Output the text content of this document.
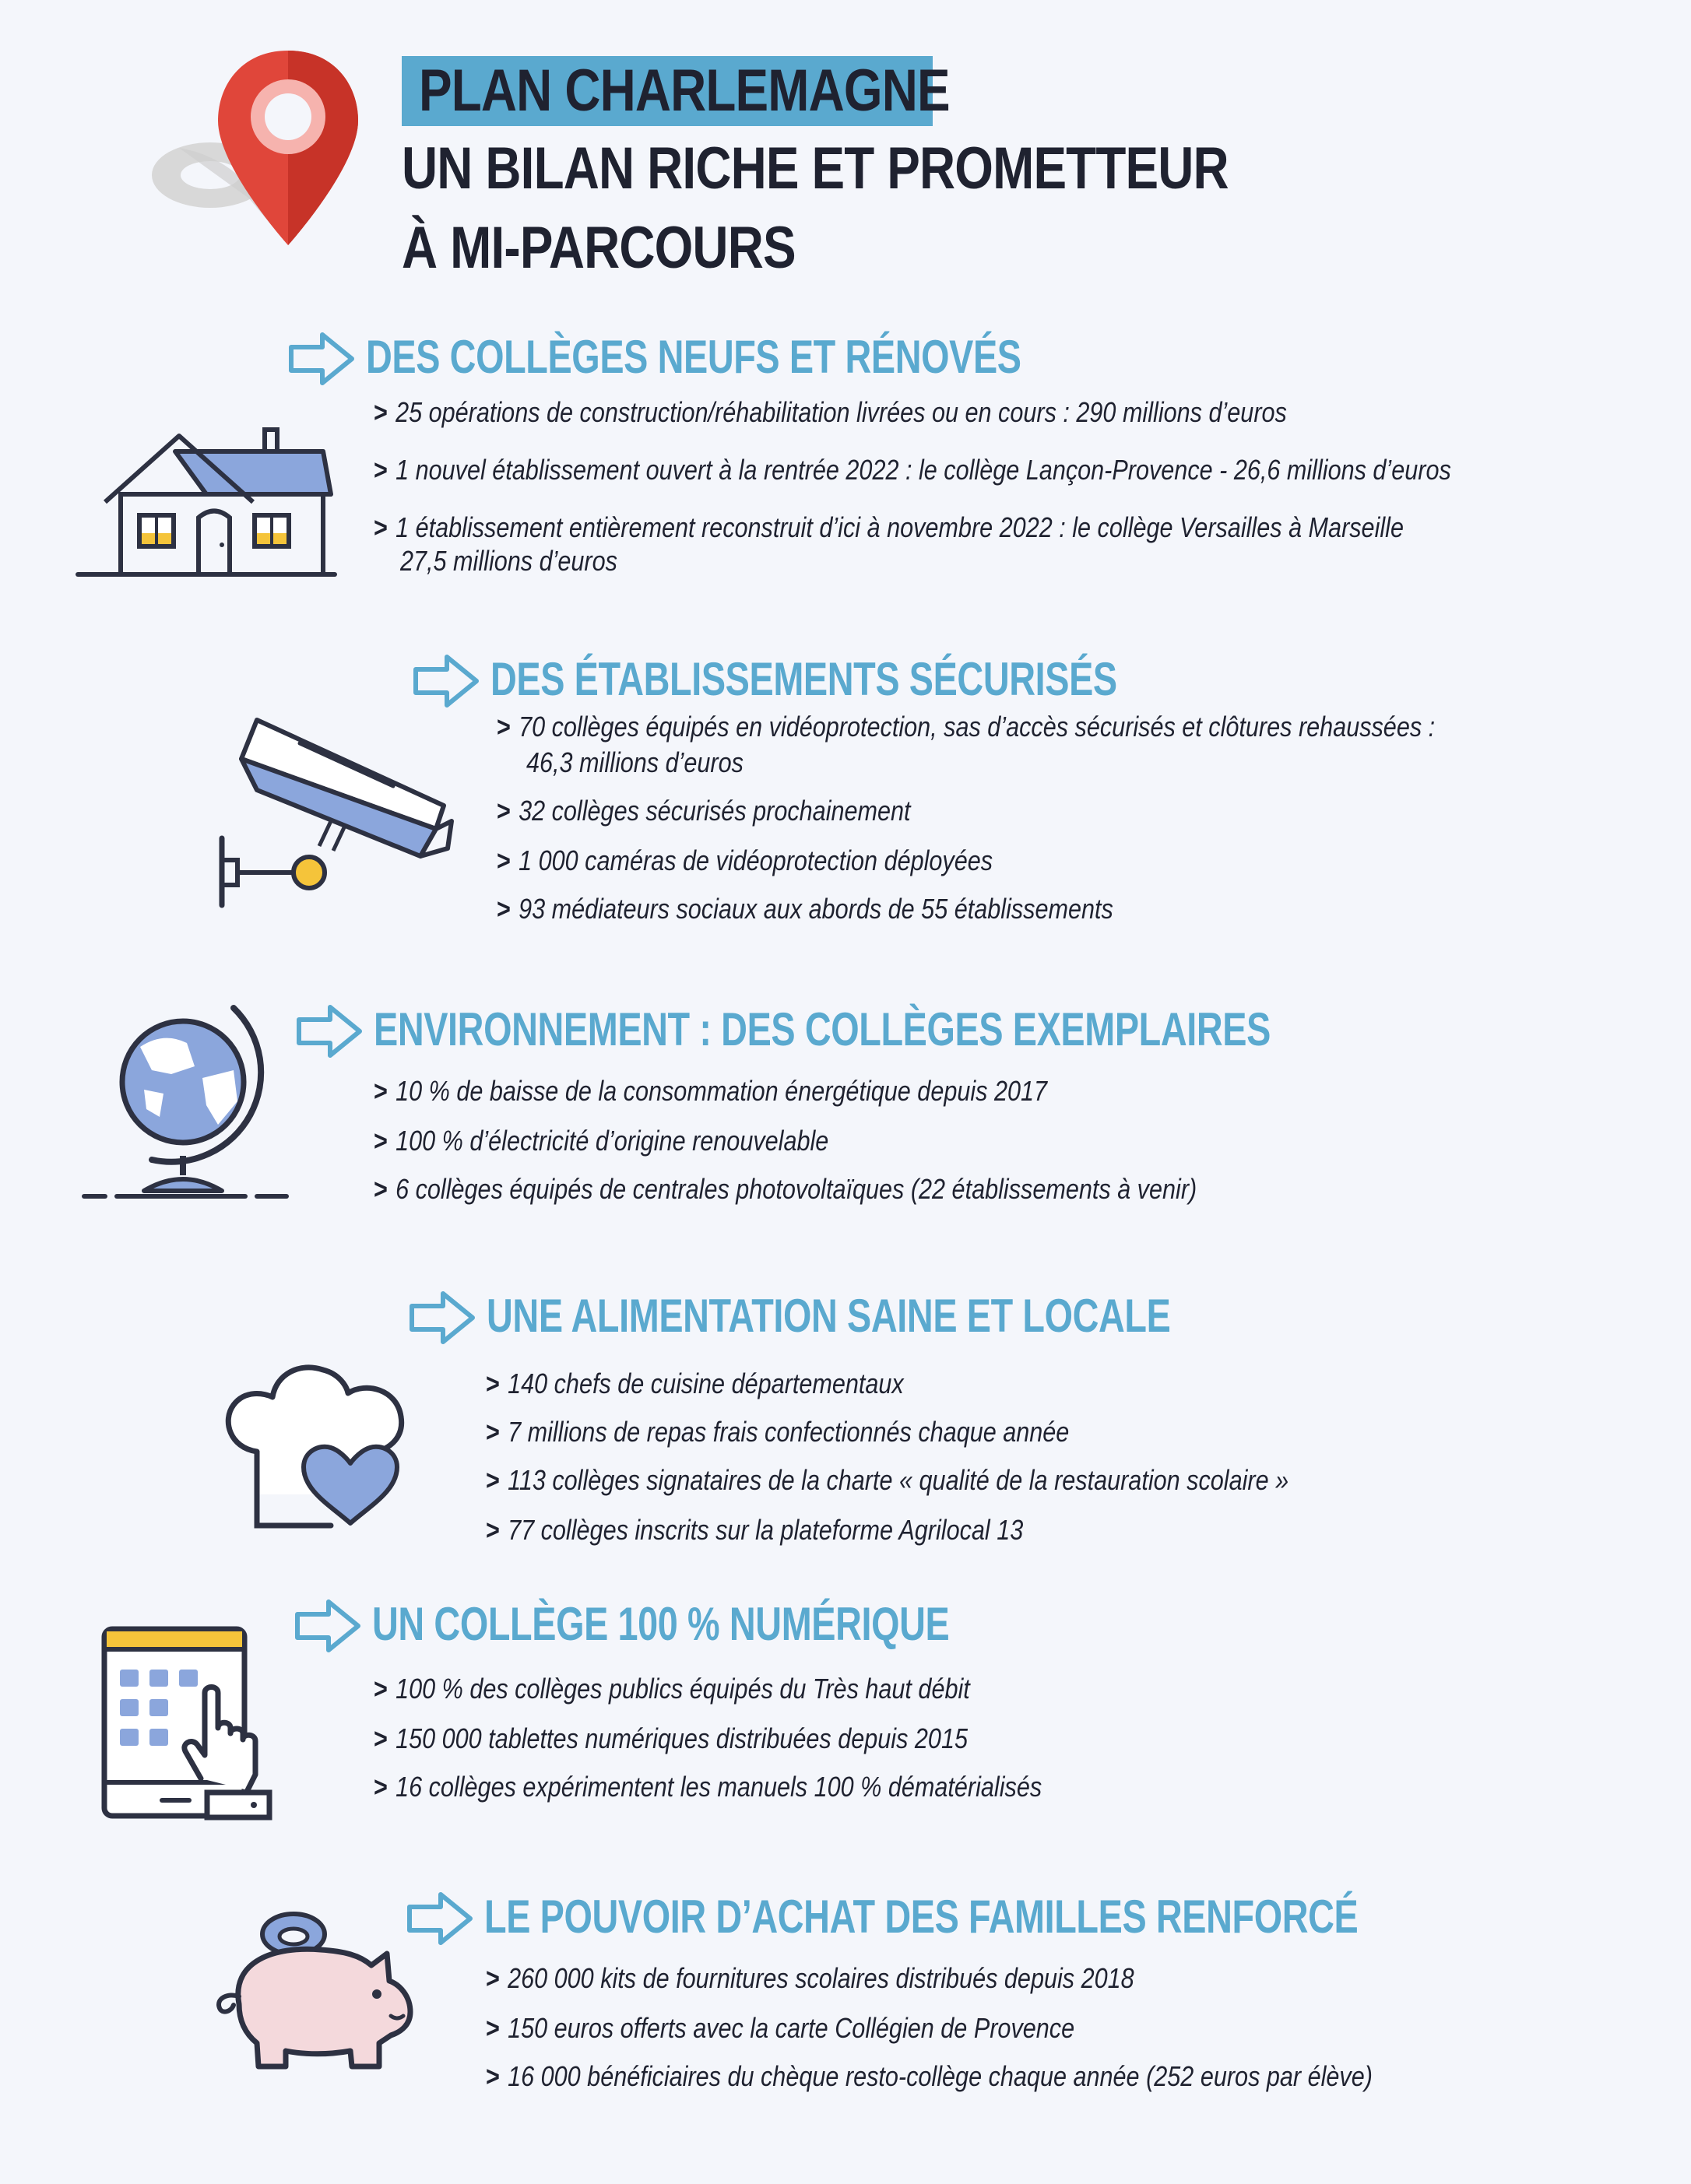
PLAN CHARLEMAGNE
UN BILAN RICHE ET PROMETTEUR
À MI-PARCOURS
DES COLLÈGES NEUFS ET RÉNOVÉS
> 25 opérations de construction/réhabilitation livrées ou en cours : 290 millions d’euros
> 1 nouvel établissement ouvert à la rentrée 2022 : le collège Lançon-Provence - 26,6 millions d’euros
> 1 établissement entièrement reconstruit d’ici à novembre 2022 : le collège Versailles à Marseille
27,5 millions d’euros
DES ÉTABLISSEMENTS SÉCURISÉS
> 70 collèges équipés en vidéoprotection, sas d’accès sécurisés et clôtures rehaussées :
46,3 millions d’euros
> 32 collèges sécurisés prochainement
> 1 000 caméras de vidéoprotection déployées
> 93 médiateurs sociaux aux abords de 55 établissements
ENVIRONNEMENT : DES COLLÈGES EXEMPLAIRES
> 10 % de baisse de la consommation énergétique depuis 2017
> 100 % d’électricité d’origine renouvelable
> 6 collèges équipés de centrales photovoltaïques (22 établissements à venir)
UNE ALIMENTATION SAINE ET LOCALE
> 140 chefs de cuisine départementaux
> 7 millions de repas frais confectionnés chaque année
> 113 collèges signataires de la charte « qualité de la restauration scolaire »
> 77 collèges inscrits sur la plateforme Agrilocal 13
UN COLLÈGE 100 % NUMÉRIQUE
> 100 % des collèges publics équipés du Très haut débit
> 150 000 tablettes numériques distribuées depuis 2015
> 16 collèges expérimentent les manuels 100 % dématérialisés
LE POUVOIR D’ACHAT DES FAMILLES RENFORCÉ
> 260 000 kits de fournitures scolaires distribués depuis 2018
> 150 euros offerts avec la carte Collégien de Provence
> 16 000 bénéficiaires du chèque resto-collège chaque année (252 euros par élève)
